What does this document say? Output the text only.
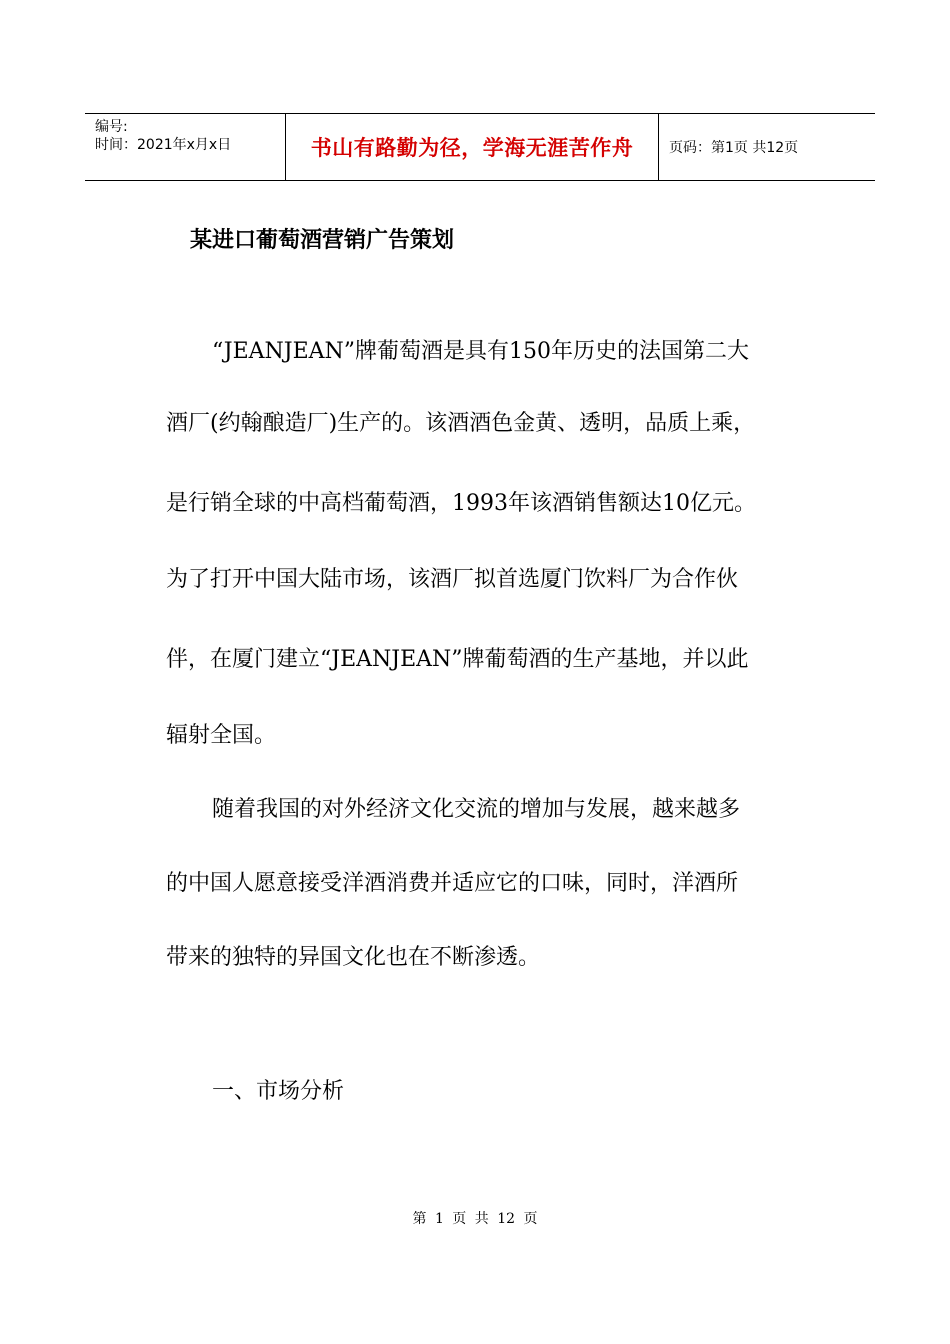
编号:
时间：2021年x月x日	书山有路勤为径，学海无涯苦作舟	页码：第1页 共12页
某进口葡萄酒营销广告策划
“JEANJEAN”牌葡萄酒是具有150年历史的法国第二大
酒厂(约翰酿造厂)生产的。该酒酒色金黄、透明，品质上乘，
是行销全球的中高档葡萄酒，1993年该酒销售额达10亿元。
为了打开中国大陆市场，该酒厂拟首选厦门饮料厂为合作伙
伴，在厦门建立“JEANJEAN”牌葡萄酒的生产基地，并以此
辐射全国。
随着我国的对外经济文化交流的增加与发展，越来越多
的中国人愿意接受洋酒消费并适应它的口味，同时，洋酒所
带来的独特的异国文化也在不断渗透。
一、市场分析
第 1 页 共 12 页
